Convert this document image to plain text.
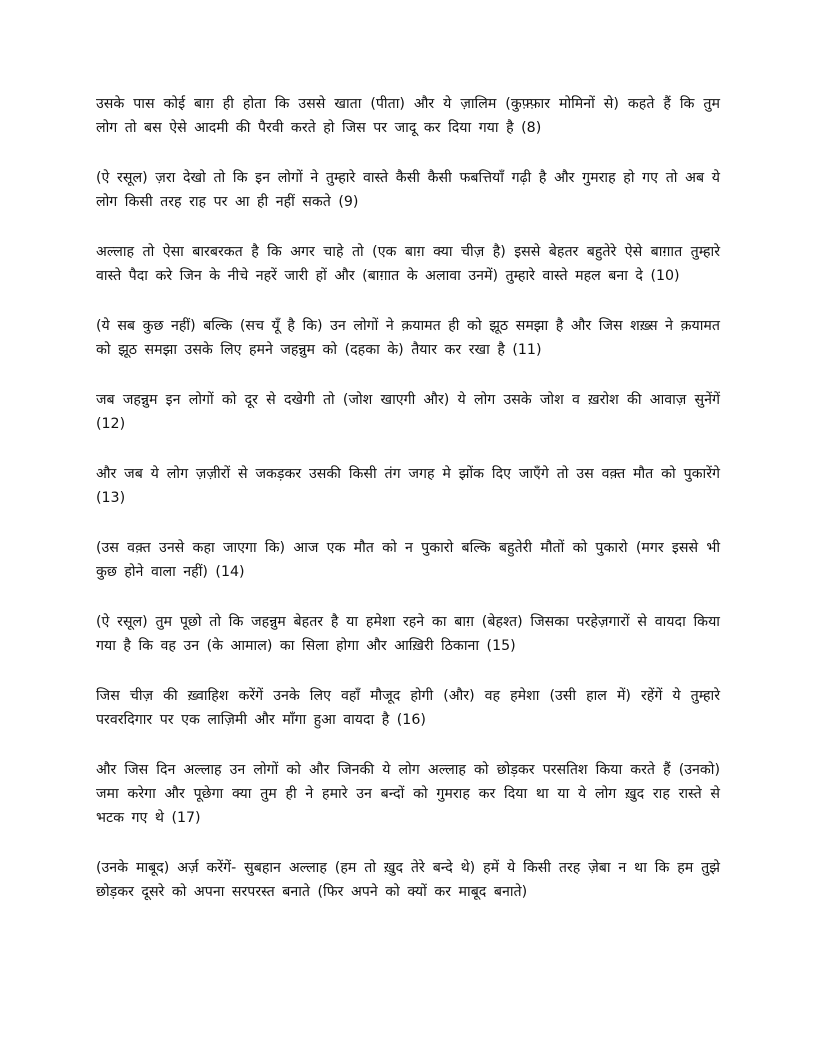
उसके पास कोई बाग़ ही होता कि उससे खाता (पीता) और ये ज़ालिम (कुफ़्फ़ार मोमिनों से) कहते हैं कि तुम लोग तो बस ऐसे आदमी की पैरवी करते हो जिस पर जादू कर दिया गया है (8)

(ऐ रसूल) ज़रा देखो तो कि इन लोगों ने तुम्हारे वास्ते कैसी कैसी फबत्तियाँ गढ़ी है और गुमराह हो गए तो अब ये लोग किसी तरह राह पर आ ही नहीं सकते (9)

अल्लाह तो ऐसा बारबरकत है कि अगर चाहे तो (एक बाग़ क्या चीज़ है) इससे बेहतर बहुतेरे ऐसे बाग़ात तुम्हारे वास्ते पैदा करे जिन के नीचे नहरें जारी हों और (बाग़ात के अलावा उनमें) तुम्हारे वास्ते महल बना दे (10)

(ये सब कुछ नहीं) बल्कि (सच यूँ है कि) उन लोगों ने क़यामत ही को झूठ समझा है और जिस शख़्स ने क़यामत को झूठ समझा उसके लिए हमने जहन्नुम को (दहका के) तैयार कर रखा है (11)

जब जहन्नुम इन लोगों को दूर से दखेगी तो (जोश खाएगी और) ये लोग उसके जोश व ख़रोश की आवाज़ सुनेंगें (12)

और जब ये लोग ज़ज़ीरों से जकड़कर उसकी किसी तंग जगह मे झोंक दिए जाएँगे तो उस वक़्त मौत को पुकारेंगे (13)

(उस वक़्त उनसे कहा जाएगा कि) आज एक मौत को न पुकारो बल्कि बहुतेरी मौतों को पुकारो (मगर इससे भी कुछ होने वाला नहीं) (14)

(ऐ रसूल) तुम पूछो तो कि जहन्नुम बेहतर है या हमेशा रहने का बाग़ (बेहश्त) जिसका परहेज़गारों से वायदा किया गया है कि वह उन (के आमाल) का सिला होगा और आख़िरी ठिकाना (15)

जिस चीज़ की ख़्वाहिश करेंगें उनके लिए वहाँ मौजूद होगी (और) वह हमेशा (उसी हाल में) रहेंगें ये तुम्हारे परवरदिगार पर एक लाज़िमी और माँगा हुआ वायदा है (16)

और जिस दिन अल्लाह उन लोगों को और जिनकी ये लोग अल्लाह को छोड़कर परसतिश किया करते हैं (उनको) जमा करेगा और पूछेगा क्या तुम ही ने हमारे उन बन्दों को गुमराह कर दिया था या ये लोग ख़ुद राह रास्ते से भटक गए थे (17)

(उनके माबूद) अर्ज़ करेंगें- सुबहान अल्लाह (हम तो ख़ुद तेरे बन्दे थे) हमें ये किसी तरह ज़ेबा न था कि हम तुझे छोड़कर दूसरे को अपना सरपरस्त बनाते (फिर अपने को क्यों कर माबूद बनाते)
